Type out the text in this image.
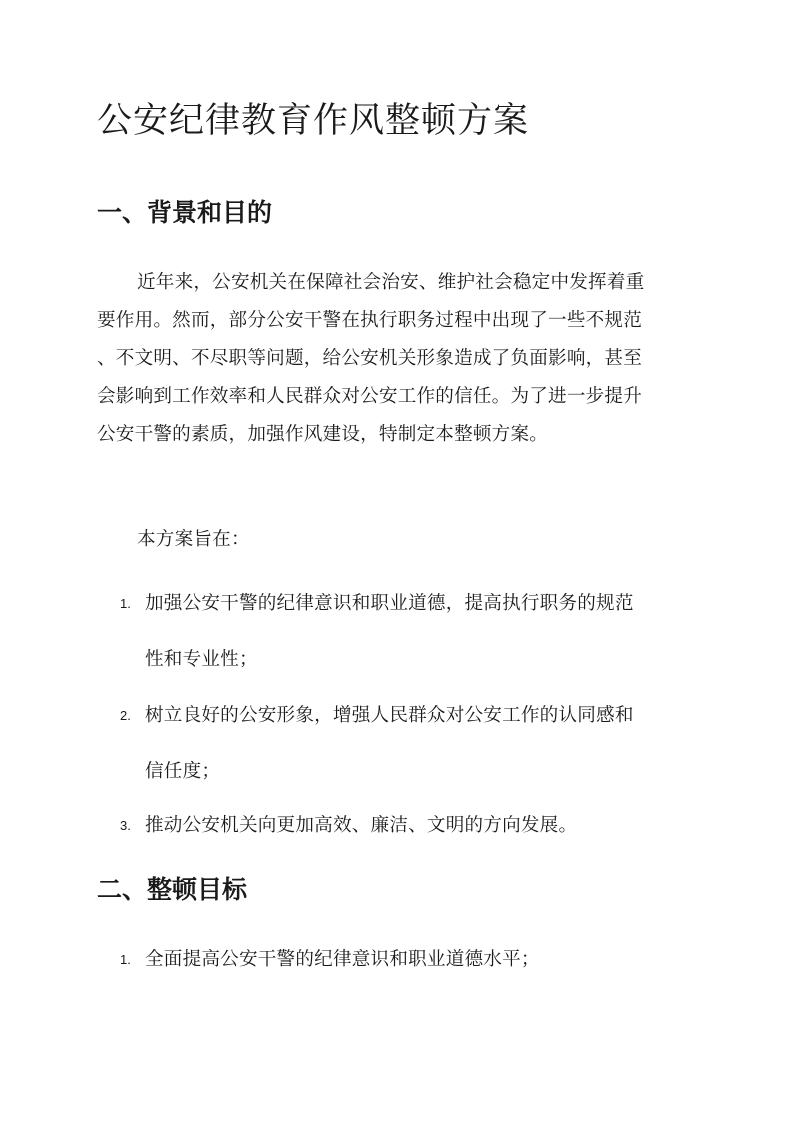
公安纪律教育作风整顿方案
一、背景和目的
近年来，公安机关在保障社会治安、维护社会稳定中发挥着重
要作用。然而，部分公安干警在执行职务过程中出现了一些不规范
、不文明、不尽职等问题，给公安机关形象造成了负面影响，甚至
会影响到工作效率和人民群众对公安工作的信任。为了进一步提升
公安干警的素质，加强作风建设，特制定本整顿方案。
本方案旨在：
1. 加强公安干警的纪律意识和职业道德，提高执行职务的规范
性和专业性；
2. 树立良好的公安形象，增强人民群众对公安工作的认同感和
信任度；
3. 推动公安机关向更加高效、廉洁、文明的方向发展。
二、整顿目标
1. 全面提高公安干警的纪律意识和职业道德水平；
